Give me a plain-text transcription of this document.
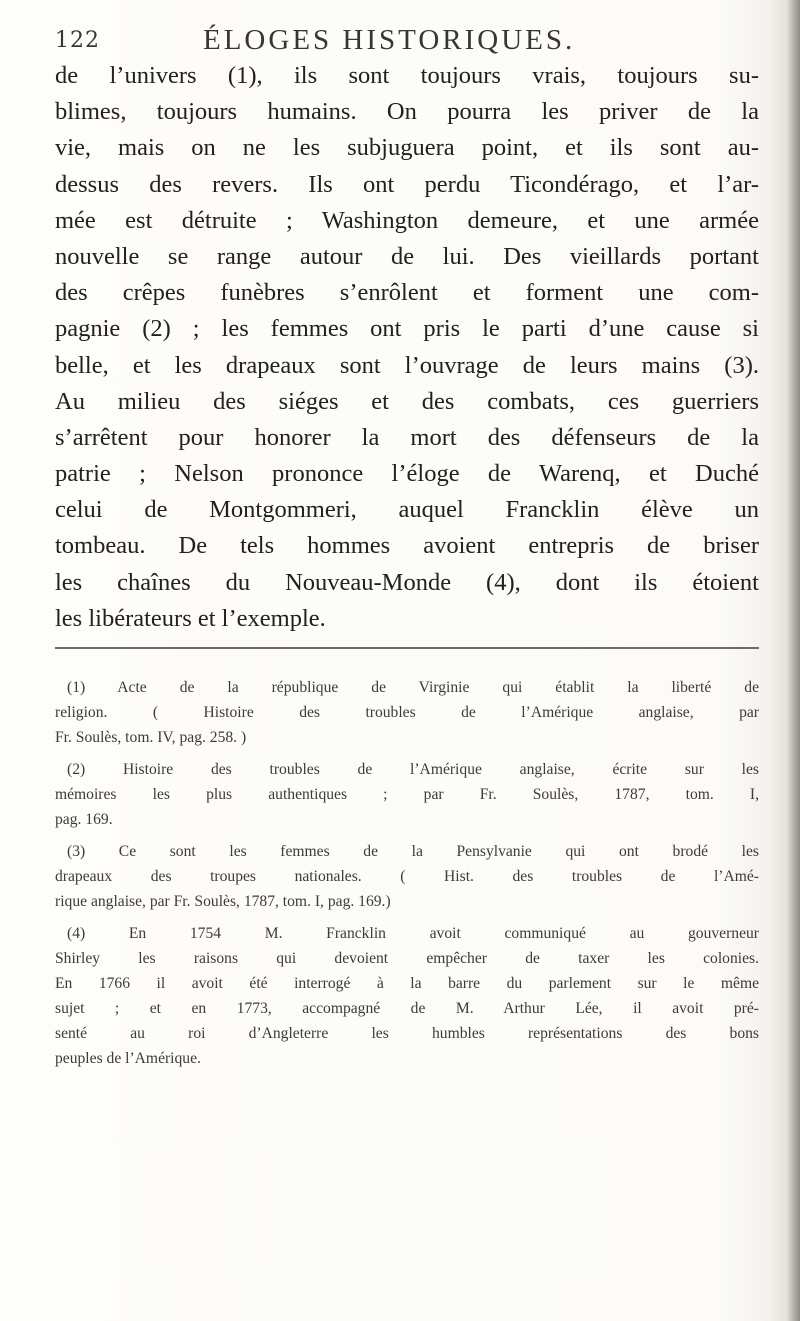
122	ÉLOGES HISTORIQUES.
de l’univers (1), ils sont toujours vrais, toujours su-
blimes, toujours humains. On pourra les priver de la
vie, mais on ne les subjuguera point, et ils sont au-
dessus des revers. Ils ont perdu Ticondérago, et l’ar-
mée est détruite ; Washington demeure, et une armée
nouvelle se range autour de lui. Des vieillards portant
des crêpes funèbres s’enrôlent et forment une com-
pagnie (2) ; les femmes ont pris le parti d’une cause si
belle, et les drapeaux sont l’ouvrage de leurs mains (3).
Au milieu des siéges et des combats, ces guerriers
s’arrêtent pour honorer la mort des défenseurs de la
patrie ; Nelson prononce l’éloge de Warenq, et Duché
celui de Montgommeri, auquel Francklin élève un
tombeau. De tels hommes avoient entrepris de briser
les chaînes du Nouveau-Monde (4), dont ils étoient
les libérateurs et l’exemple.
(1) Acte de la république de Virginie qui établit la liberté de
religion. ( Histoire des troubles de l’Amérique anglaise, par
Fr. Soulès, tom. IV, pag. 258. )
(2) Histoire des troubles de l’Amérique anglaise, écrite sur les
mémoires les plus authentiques ; par Fr. Soulès, 1787, tom. I,
pag. 169.
(3) Ce sont les femmes de la Pensylvanie qui ont brodé les
drapeaux des troupes nationales. ( Hist. des troubles de l’Amé-
rique anglaise, par Fr. Soulès, 1787, tom. I, pag. 169.)
(4) En 1754 M. Francklin avoit communiqué au gouverneur
Shirley les raisons qui devoient empêcher de taxer les colonies.
En 1766 il avoit été interrogé à la barre du parlement sur le même
sujet ; et en 1773, accompagné de M. Arthur Lée, il avoit pré-
senté au roi d’Angleterre les humbles représentations des bons
peuples de l’Amérique.
